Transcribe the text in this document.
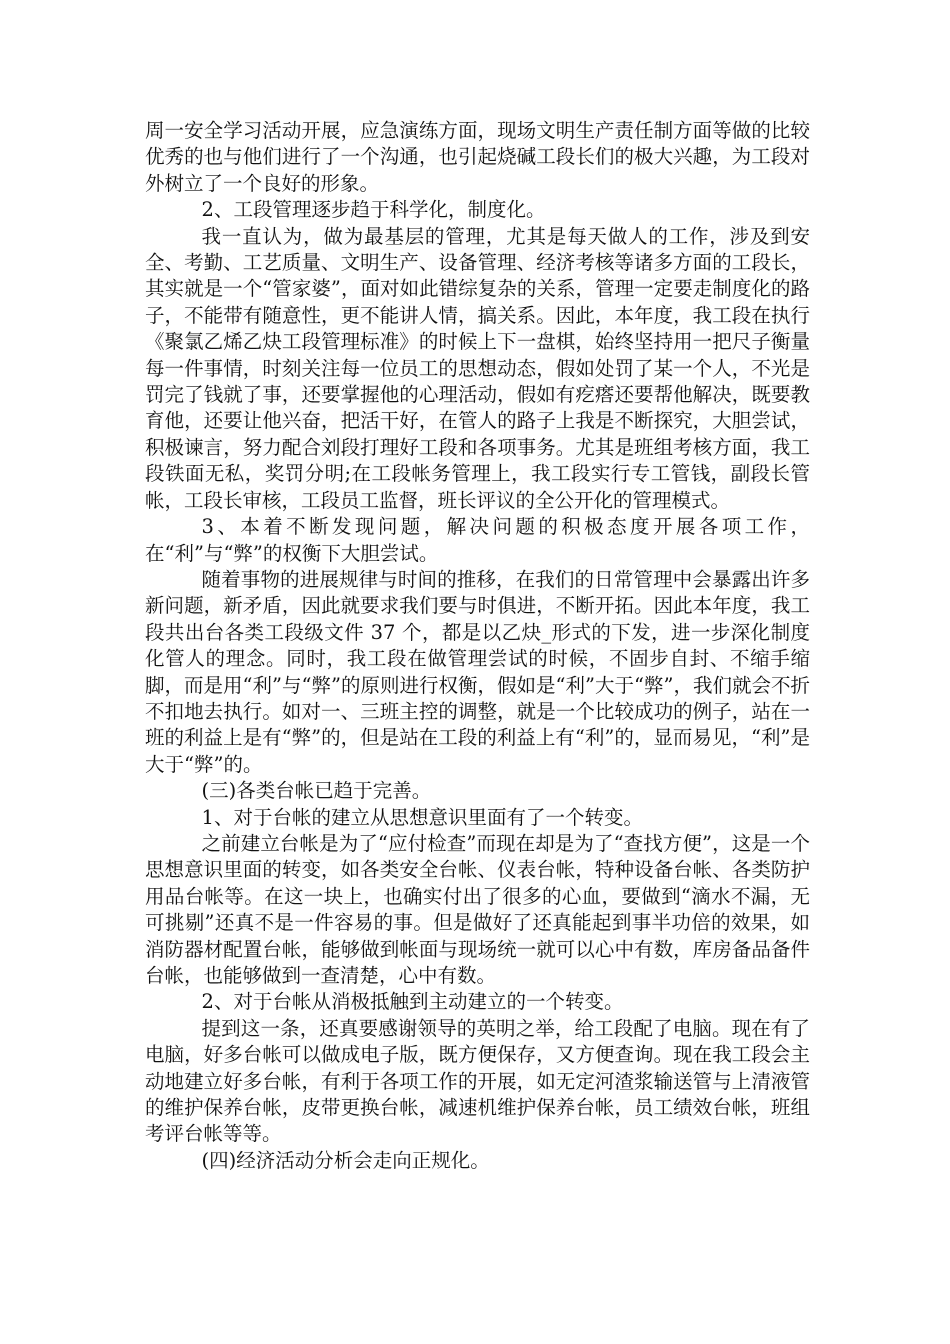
周一安全学习活动开展，应急演练方面，现场文明生产责任制方面等做的比较优秀的也与他们进行了一个沟通，也引起烧碱工段长们的极大兴趣，为工段对外树立了一个良好的形象。

2、工段管理逐步趋于科学化，制度化。

我一直认为，做为最基层的管理，尤其是每天做人的工作，涉及到安全、考勤、工艺质量、文明生产、设备管理、经济考核等诸多方面的工段长，其实就是一个“管家婆”，面对如此错综复杂的关系，管理一定要走制度化的路子，不能带有随意性，更不能讲人情，搞关系。因此，本年度，我工段在执行《聚氯乙烯乙炔工段管理标准》的时候上下一盘棋，始终坚持用一把尺子衡量每一件事情，时刻关注每一位员工的思想动态，假如处罚了某一个人，不光是罚完了钱就了事，还要掌握他的心理活动，假如有疙瘩还要帮他解决，既要教育他，还要让他兴奋，把活干好，在管人的路子上我是不断探究，大胆尝试，积极谏言，努力配合刘段打理好工段和各项事务。尤其是班组考核方面，我工段铁面无私，奖罚分明;在工段帐务管理上，我工段实行专工管钱，副段长管帐，工段长审核，工段员工监督，班长评议的全公开化的管理模式。

3、本着不断发现问题，解决问题的积极态度开展各项工作，在“利”与“弊”的权衡下大胆尝试。

随着事物的进展规律与时间的推移，在我们的日常管理中会暴露出许多新问题，新矛盾，因此就要求我们要与时俱进，不断开拓。因此本年度，我工段共出台各类工段级文件 37 个，都是以乙炔_形式的下发，进一步深化制度化管人的理念。同时，我工段在做管理尝试的时候，不固步自封、不缩手缩脚，而是用“利”与“弊”的原则进行权衡，假如是“利”大于“弊”，我们就会不折不扣地去执行。如对一、三班主控的调整，就是一个比较成功的例子，站在一班的利益上是有“弊”的，但是站在工段的利益上有“利”的，显而易见，“利”是大于“弊”的。

(三)各类台帐已趋于完善。

1、对于台帐的建立从思想意识里面有了一个转变。

之前建立台帐是为了“应付检查”而现在却是为了“查找方便”，这是一个思想意识里面的转变，如各类安全台帐、仪表台帐，特种设备台帐、各类防护用品台帐等。在这一块上，也确实付出了很多的心血，要做到“滴水不漏，无可挑剔”还真不是一件容易的事。但是做好了还真能起到事半功倍的效果，如消防器材配置台帐，能够做到帐面与现场统一就可以心中有数，库房备品备件台帐，也能够做到一查清楚，心中有数。

2、对于台帐从消极抵触到主动建立的一个转变。

提到这一条，还真要感谢领导的英明之举，给工段配了电脑。现在有了电脑，好多台帐可以做成电子版，既方便保存，又方便查询。现在我工段会主动地建立好多台帐，有利于各项工作的开展，如无定河渣浆输送管与上清液管的维护保养台帐，皮带更换台帐，减速机维护保养台帐，员工绩效台帐，班组考评台帐等等。

(四)经济活动分析会走向正规化。
